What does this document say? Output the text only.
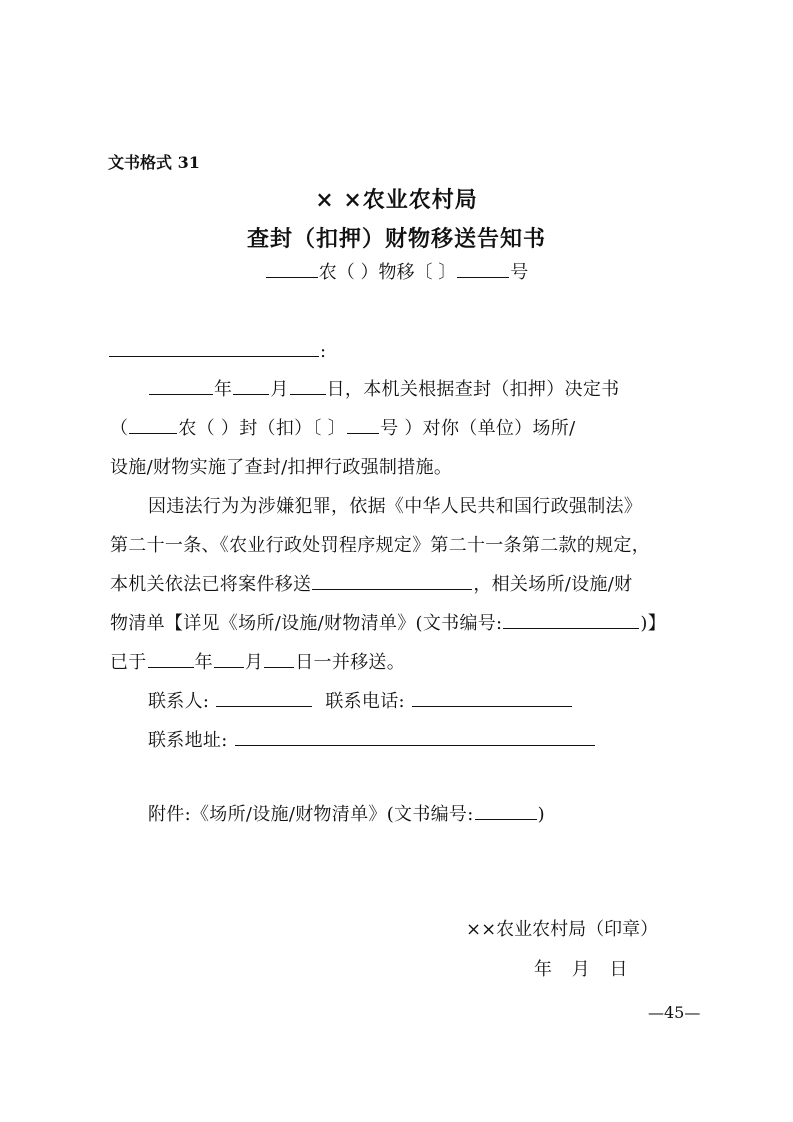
文书格式 31
× ×农业农村局
查封（扣押）财物移送告知书
农（ ）物移〔 〕	号
:
年 月 日，本机关根据查封（扣押）决定书
（	农（ ）封（扣）〔 〕 号 ）对你（单位）场所/
设施/财物实施了查封/扣押行政强制措施。
因违法行为为涉嫌犯罪，依据《中华人民共和国行政强制法》
第二十一条、《农业行政处罚程序规定》第二十一条第二款的规定，
本机关依法已将案件移送	，相关场所/设施/财
物清单【详见《场所/设施/财物清单》(文书编号:	)】
已于	年 月 日一并移送。
联系人:	联系电话:
联系地址:
附件:《场所/设施/财物清单》(文书编号:	)
××农业农村局（印章）
年 月 日
—45—
